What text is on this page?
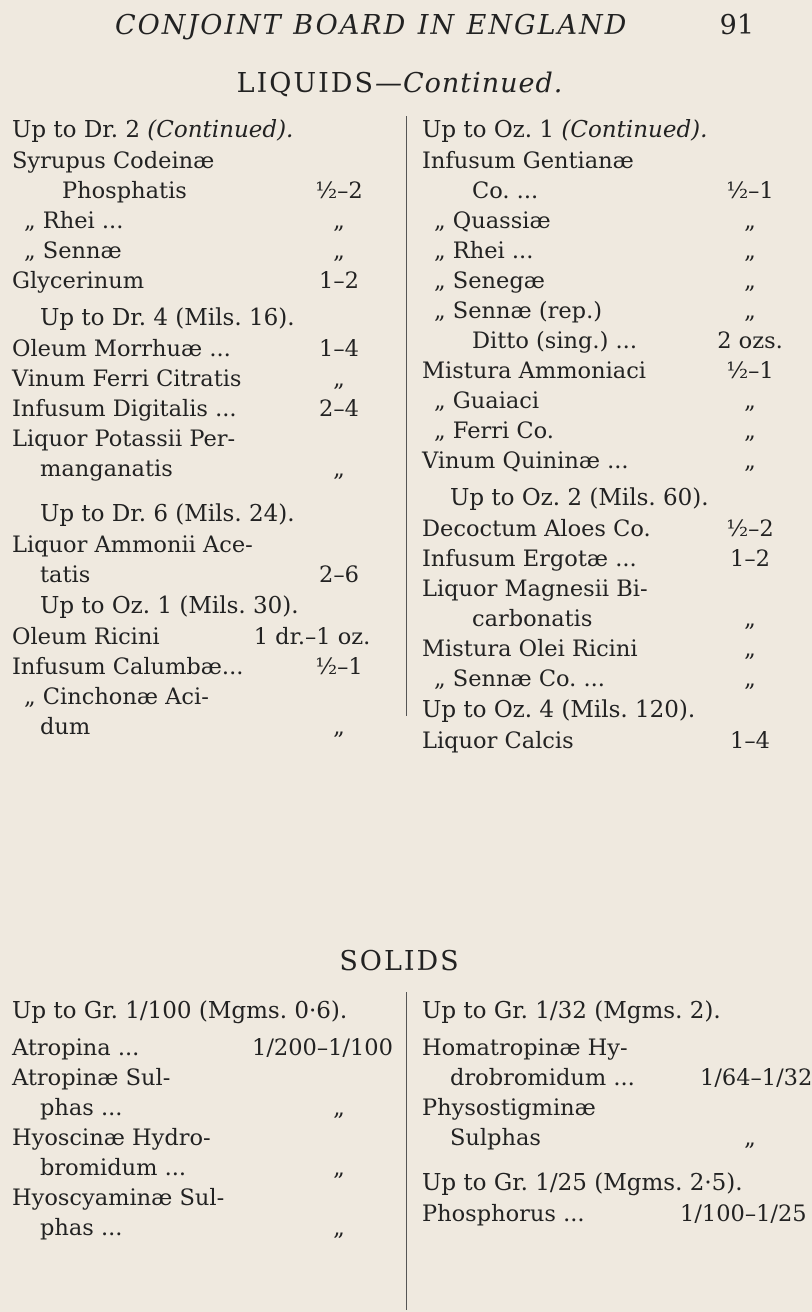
CONJOINT BOARD IN ENGLAND	91
LIQUIDS—Continued.
Up to Dr. 2 (Continued).
Syrupus Codeinæ
Phosphatis	½–2
„ Rhei ...	„
„ Sennæ	„
Glycerinum	1–2
Up to Dr. 4 (Mils. 16).
Oleum Morrhuæ ...	1–4
Vinum Ferri Citratis	„
Infusum Digitalis ...	2–4
Liquor Potassii Per-
manganatis	„
Up to Dr. 6 (Mils. 24).
Liquor Ammonii Ace-
tatis	2–6
Up to Oz. 1 (Mils. 30).
Oleum Ricini	1 dr.–1 oz.
Infusum Calumbæ...	½–1
„ Cinchonæ Aci-
dum	„
Up to Oz. 1 (Continued).
Infusum Gentianæ
Co. ...	½–1
„ Quassiæ	„
„ Rhei ...	„
„ Senegæ	„
„ Sennæ (rep.)	„
Ditto (sing.) ...	2 ozs.
Mistura Ammoniaci	½–1
„ Guaiaci	„
„ Ferri Co.	„
Vinum Quininæ ...	„
Up to Oz. 2 (Mils. 60).
Decoctum Aloes Co.	½–2
Infusum Ergotæ ...	1–2
Liquor Magnesii Bi-
carbonatis	„
Mistura Olei Ricini	„
„ Sennæ Co. ...	„
Up to Oz. 4 (Mils. 120).
Liquor Calcis	1–4
SOLIDS
Up to Gr. 1/100 (Mgms. 0·6).
Atropina ...	1/200–1/100
Atropinæ Sul-
phas ...	„
Hyoscinæ Hydro-
bromidum ...	„
Hyoscyaminæ Sul-
phas ...	„
Up to Gr. 1/32 (Mgms. 2).
Homatropinæ Hy-
drobromidum ...	1/64–1/32
Physostigminæ
Sulphas	„
Up to Gr. 1/25 (Mgms. 2·5).
Phosphorus ...	1/100–1/25
